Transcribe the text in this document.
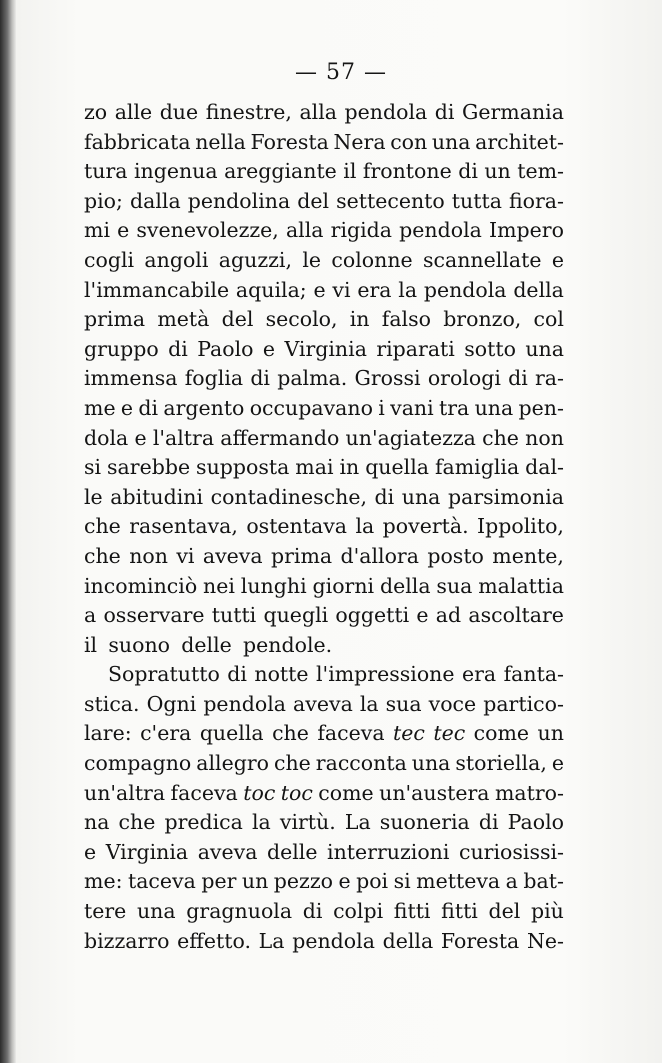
— 57 —
zo alle due finestre, alla pendola di Germania
fabbricata nella Foresta Nera con una architet-
tura ingenua areggiante il frontone di un tem-
pio; dalla pendolina del settecento tutta fiora-
mi e svenevolezze, alla rigida pendola Impero
cogli angoli aguzzi, le colonne scannellate e
l'immancabile aquila; e vi era la pendola della
prima metà del secolo, in falso bronzo, col
gruppo di Paolo e Virginia riparati sotto una
immensa foglia di palma. Grossi orologi di ra-
me e di argento occupavano i vani tra una pen-
dola e l'altra affermando un'agiatezza che non
si sarebbe supposta mai in quella famiglia dal-
le abitudini contadinesche, di una parsimonia
che rasentava, ostentava la povertà. Ippolito,
che non vi aveva prima d'allora posto mente,
incominciò nei lunghi giorni della sua malattia
a osservare tutti quegli oggetti e ad ascoltare
il suono delle pendole.
Sopratutto di notte l'impressione era fanta-
stica. Ogni pendola aveva la sua voce partico-
lare: c'era quella che faceva tec tec come un
compagno allegro che racconta una storiella, e
un'altra faceva toc toc come un'austera matro-
na che predica la virtù. La suoneria di Paolo
e Virginia aveva delle interruzioni curiosissi-
me: taceva per un pezzo e poi si metteva a bat-
tere una gragnuola di colpi fitti fitti del più
bizzarro effetto. La pendola della Foresta Ne-
